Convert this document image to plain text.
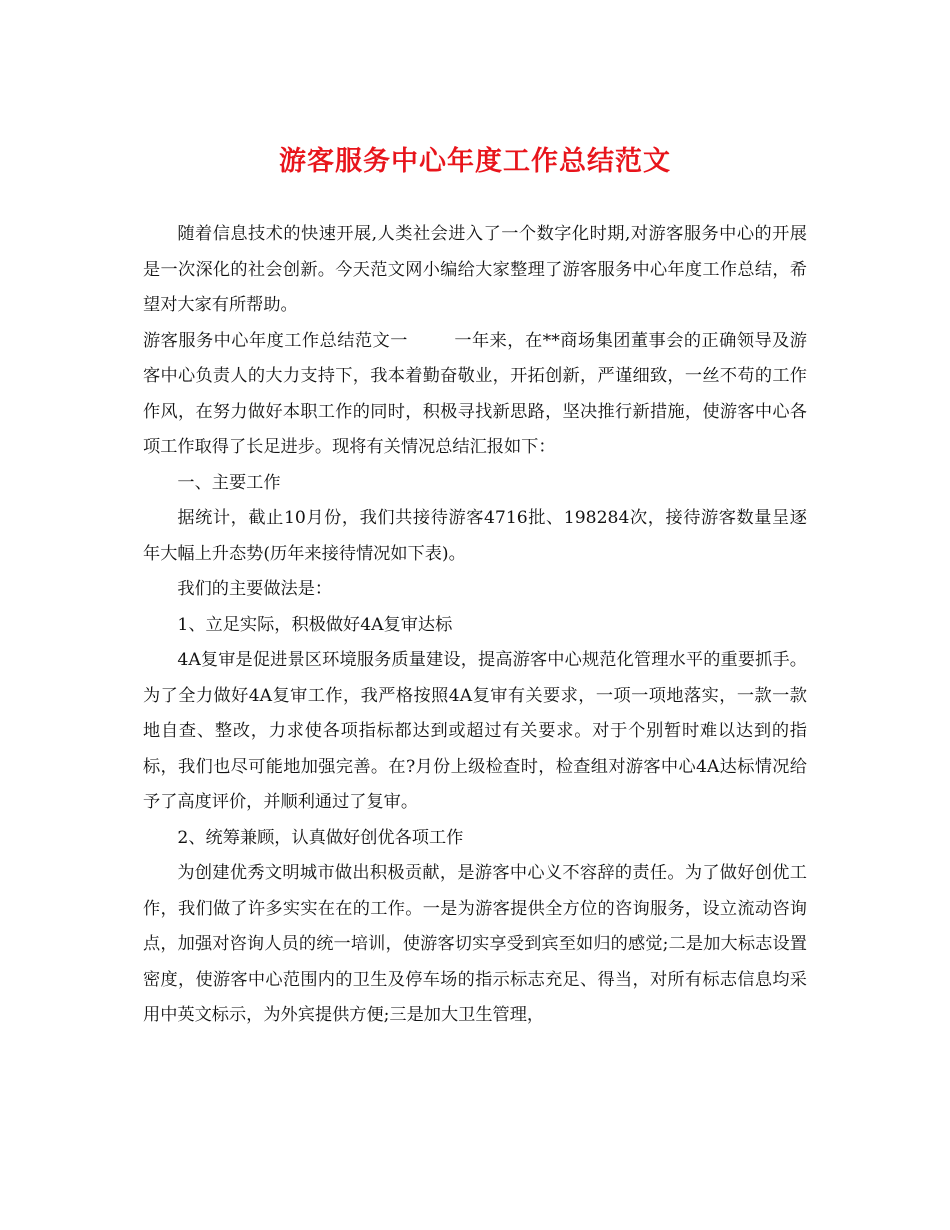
游客服务中心年度工作总结范文

随着信息技术的快速开展,人类社会进入了一个数字化时期,对游客服务中心的开展是一次深化的社会创新。今天范文网小编给大家整理了游客服务中心年度工作总结，希望对大家有所帮助。

游客服务中心年度工作总结范文一	一年来，在**商场集团董事会的正确领导及游客中心负责人的大力支持下，我本着勤奋敬业，开拓创新，严谨细致，一丝不苟的工作作风，在努力做好本职工作的同时，积极寻找新思路，坚决推行新措施，使游客中心各项工作取得了长足进步。现将有关情况总结汇报如下：

一、主要工作

据统计，截止10月份，我们共接待游客4716批、198284次，接待游客数量呈逐年大幅上升态势(历年来接待情况如下表)。

我们的主要做法是：

1、立足实际，积极做好4A复审达标

4A复审是促进景区环境服务质量建设，提高游客中心规范化管理水平的重要抓手。为了全力做好4A复审工作，我严格按照4A复审有关要求，一项一项地落实，一款一款地自查、整改，力求使各项指标都达到或超过有关要求。对于个别暂时难以达到的指标，我们也尽可能地加强完善。在?月份上级检查时，检查组对游客中心4A达标情况给予了高度评价，并顺利通过了复审。

2、统筹兼顾，认真做好创优各项工作

为创建优秀文明城市做出积极贡献，是游客中心义不容辞的责任。为了做好创优工作，我们做了许多实实在在的工作。一是为游客提供全方位的咨询服务，设立流动咨询点，加强对咨询人员的统一培训，使游客切实享受到宾至如归的感觉;二是加大标志设置密度，使游客中心范围内的卫生及停车场的指示标志充足、得当，对所有标志信息均采用中英文标示，为外宾提供方便;三是加大卫生管理，
